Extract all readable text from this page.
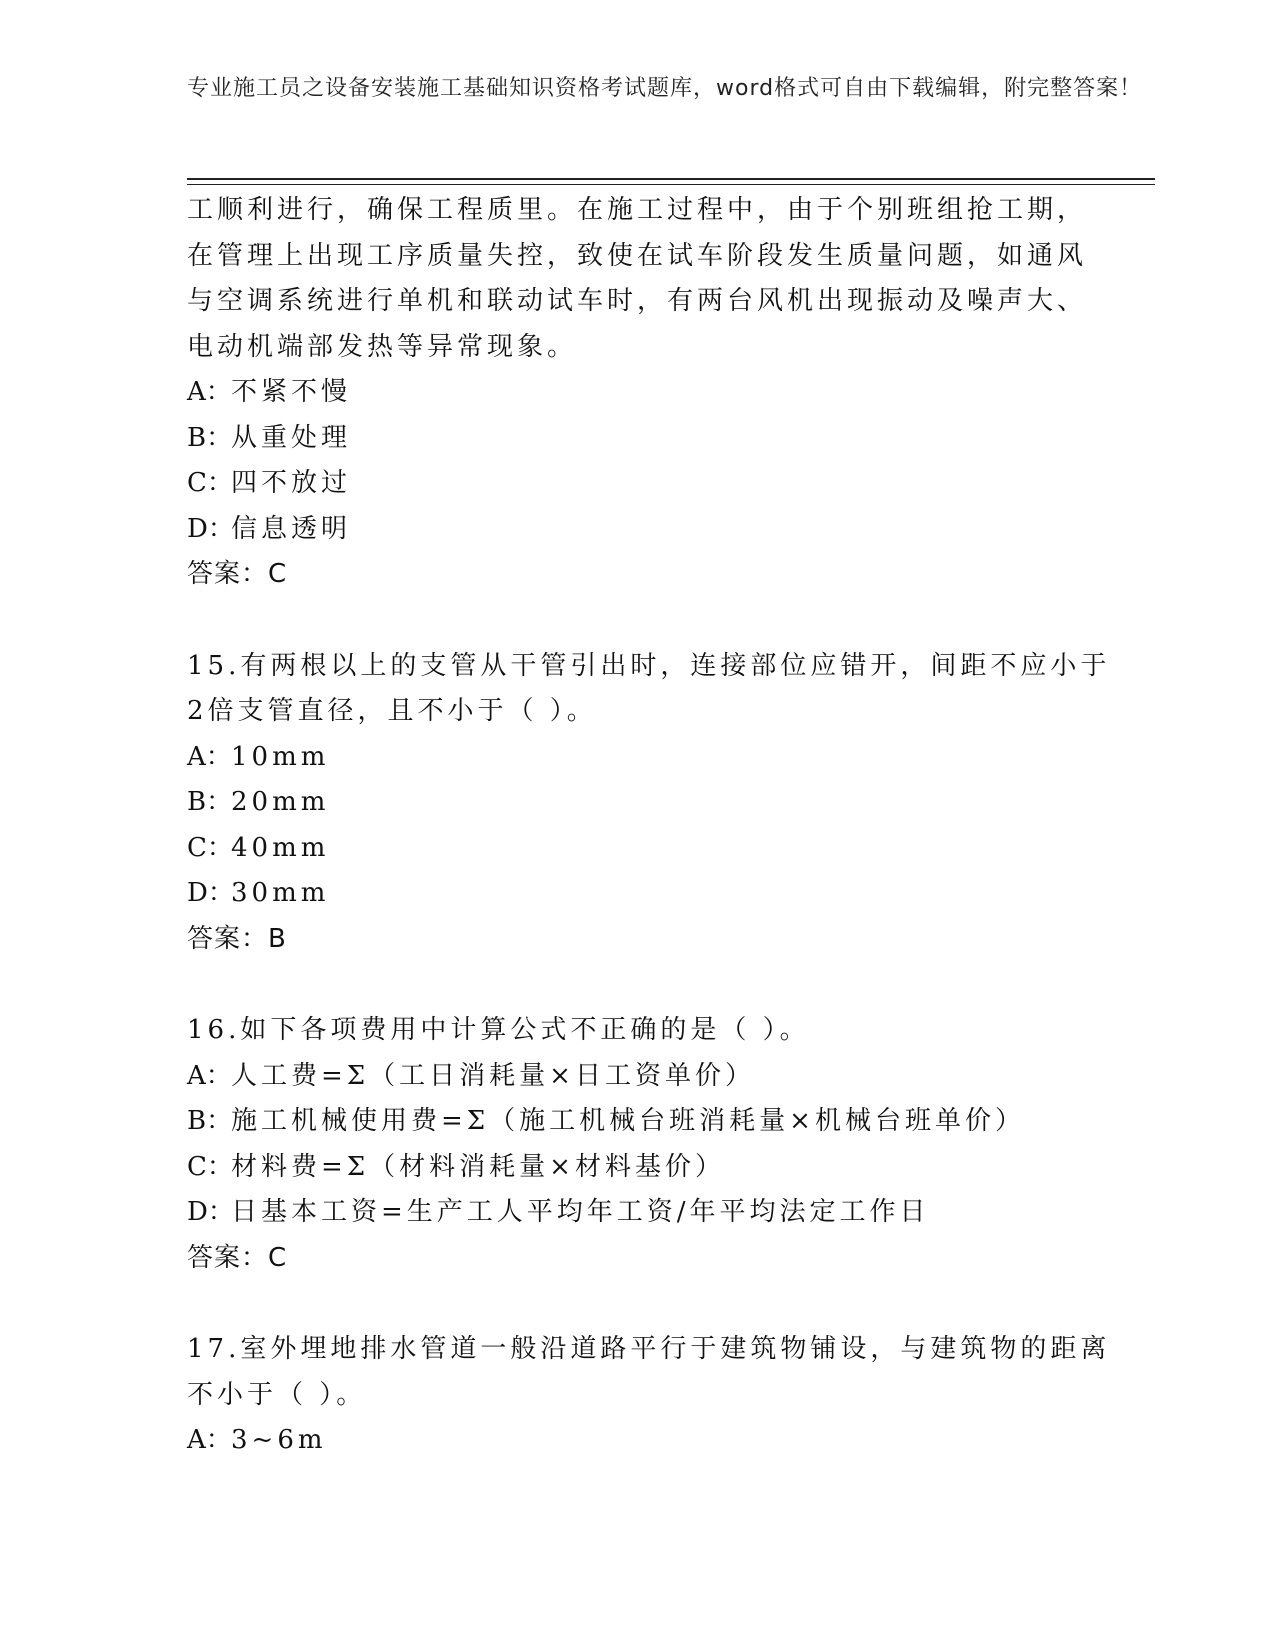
专业施工员之设备安装施工基础知识资格考试题库，word格式可自由下载编辑，附完整答案！
工顺利进行，确保工程质里。在施工过程中，由于个别班组抢工期，
在管理上出现工序质量失控，致使在试车阶段发生质量问题，如通风
与空调系统进行单机和联动试车时，有两台风机出现振动及噪声大、
电动机端部发热等异常现象。
A：不紧不慢
B：从重处理
C：四不放过
D：信息透明
答案：C
15.有两根以上的支管从干管引出时，连接部位应错开，间距不应小于
2倍支管直径，且不小于（ ）。
A：10mm
B：20mm
C：40mm
D：30mm
答案：B
16.如下各项费用中计算公式不正确的是（ ）。
A：人工费=Σ（工日消耗量×日工资单价）
B：施工机械使用费=Σ（施工机械台班消耗量×机械台班单价）
C：材料费=Σ（材料消耗量×材料基价）
D：日基本工资=生产工人平均年工资/年平均法定工作日
答案：C
17.室外埋地排水管道一般沿道路平行于建筑物铺设，与建筑物的距离
不小于（ ）。
A：3~6m
